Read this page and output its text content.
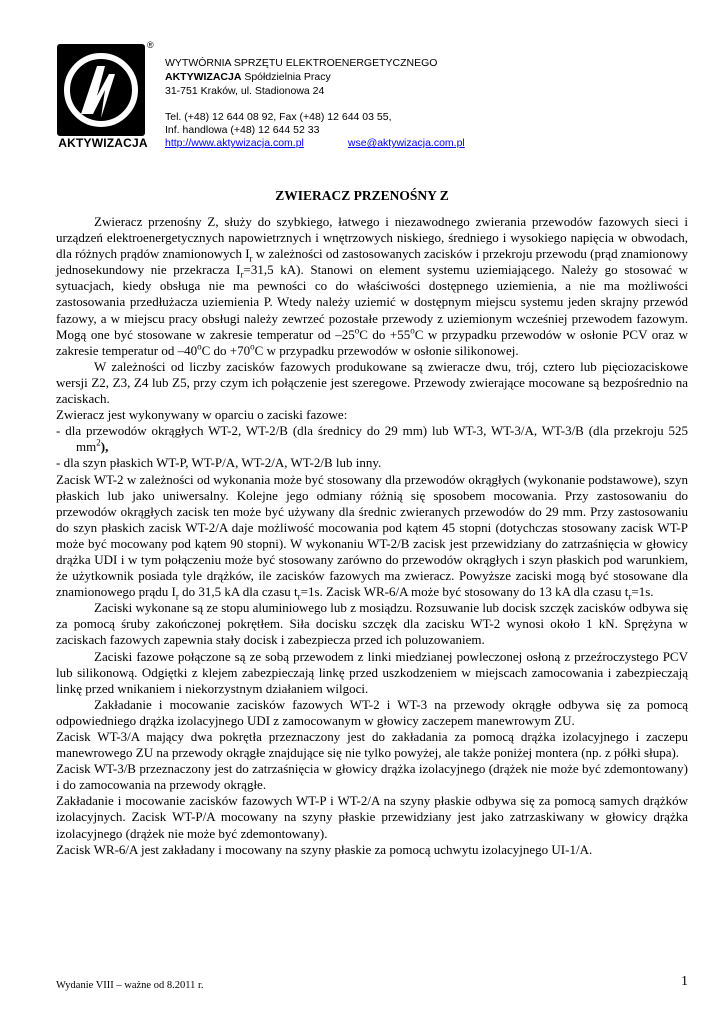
®
AKTYWIZACJA
WYTWÓRNIA SPRZĘTU ELEKTROENERGETYCZNEGO
AKTYWIZACJA Spółdzielnia Pracy
31-751 Kraków, ul. Stadionowa 24
Tel. (+48) 12 644 08 92, Fax (+48) 12 644 03 55,
Inf. handlowa (+48) 12 644 52 33
http://www.aktywizacja.com.pl	wse@aktywizacja.com.pl
ZWIERACZ PRZENOŚNY Z

Zwieracz przenośny Z, służy do szybkiego, łatwego i niezawodnego zwierania przewodów fazowych sieci i urządzeń elektroenergetycznych napowietrznych i wnętrzowych niskiego, średniego i wysokiego napięcia w obwodach, dla różnych prądów znamionowych $I_r$ w zależności od zastosowanych zacisków i przekroju przewodu (prąd znamionowy jednosekundowy nie przekracza $I_r=31,5$ kA). Stanowi on element systemu uziemiającego. Należy go stosować w sytuacjach, kiedy obsługa nie ma pewności co do właściwości dostępnego uziemienia, a nie ma możliwości zastosowania przedłużacza uziemienia P. Wtedy należy uziemić w dostępnym miejscu systemu jeden skrajny przewód fazowy, a w miejscu pracy obsługi należy zewrzeć pozostałe przewody z uziemionym wcześniej przewodem fazowym. Mogą one być stosowane w zakresie temperatur od –25$^o$C do $+55^oC$ w przypadku przewodów w osłonie PCV oraz w zakresie temperatur od –40$^o$C do $+70^oC$ w przypadku przewodów w osłonie silikonowej.

W zależności od liczby zacisków fazowych produkowane są zwieracze dwu, trój, cztero lub pięciozaciskowe wersji Z2, Z3, Z4 lub Z5, przy czym ich połączenie jest szeregowe. Przewody zwierające mocowane są bezpośrednio na zaciskach.

Zwieracz jest wykonywany w oparciu o zaciski fazowe:

- dla przewodów okrągłych WT-2, WT-2/B (dla średnicy do 29 mm) lub WT-3, WT-3/A, WT-3/B (dla przekroju 525 $mm^2$),

- dla szyn płaskich WT-P, WT-P/A, WT-2/A, WT-2/B lub inny.

Zacisk WT-2 w zależności od wykonania może być stosowany dla przewodów okrągłych (wykonanie podstawowe), szyn płaskich lub jako uniwersalny. Kolejne jego odmiany różnią się sposobem mocowania. Przy zastosowaniu do przewodów okrągłych zacisk ten może być używany dla średnic zwieranych przewodów do 29 mm. Przy zastosowaniu do szyn płaskich zacisk WT-2/A daje możliwość mocowania pod kątem 45 stopni (dotychczas stosowany zacisk WT-P może być mocowany pod kątem 90 stopni). W wykonaniu WT-2/B zacisk jest przewidziany do zatrzaśnięcia w głowicy drążka UDI i w tym połączeniu może być stosowany zarówno do przewodów okrągłych i szyn płaskich pod warunkiem, że użytkownik posiada tyle drążków, ile zacisków fazowych ma zwieracz. Powyższe zaciski mogą być stosowane dla znamionowego prądu $I_r$ do 31,5 kA dla czasu $t_r=1s$. Zacisk WR-6/A może być stosowany do 13 kA dla czasu $t_r=1s$.

Zaciski wykonane są ze stopu aluminiowego lub z mosiądzu. Rozsuwanie lub docisk szczęk zacisków odbywa się za pomocą śruby zakończonej pokrętłem. Siła docisku szczęk dla zacisku WT-2 wynosi około 1 kN. Sprężyna w zaciskach fazowych zapewnia stały docisk i zabezpiecza przed ich poluzowaniem.

Zaciski fazowe połączone są ze sobą przewodem z linki miedzianej powleczonej osłoną z przeźroczystego PCV lub silikonową. Odgiętki z klejem zabezpieczają linkę przed uszkodzeniem w miejscach zamocowania i zabezpieczają linkę przed wnikaniem i niekorzystnym działaniem wilgoci.

Zakładanie i mocowanie zacisków fazowych WT-2 i WT-3 na przewody okrągłe odbywa się za pomocą odpowiedniego drążka izolacyjnego UDI z zamocowanym w głowicy zaczepem manewrowym ZU.

Zacisk WT-3/A mający dwa pokrętła przeznaczony jest do zakładania za pomocą drążka izolacyjnego i zaczepu manewrowego ZU na przewody okrągłe znajdujące się nie tylko powyżej, ale także poniżej montera (np. z półki słupa).

Zacisk WT-3/B przeznaczony jest do zatrzaśnięcia w głowicy drążka izolacyjnego (drążek nie może być zdemontowany) i do zamocowania na przewody okrągłe.

Zakładanie i mocowanie zacisków fazowych WT-P i WT-2/A na szyny płaskie odbywa się za pomocą samych drążków izolacyjnych. Zacisk WT-P/A mocowany na szyny płaskie przewidziany jest jako zatrzaskiwany w głowicy drążka izolacyjnego (drążek nie może być zdemontowany).

Zacisk WR-6/A jest zakładany i mocowany na szyny płaskie za pomocą uchwytu izolacyjnego UI-1/A.

Wydanie VIII – ważne od 8.2011 r.	1
